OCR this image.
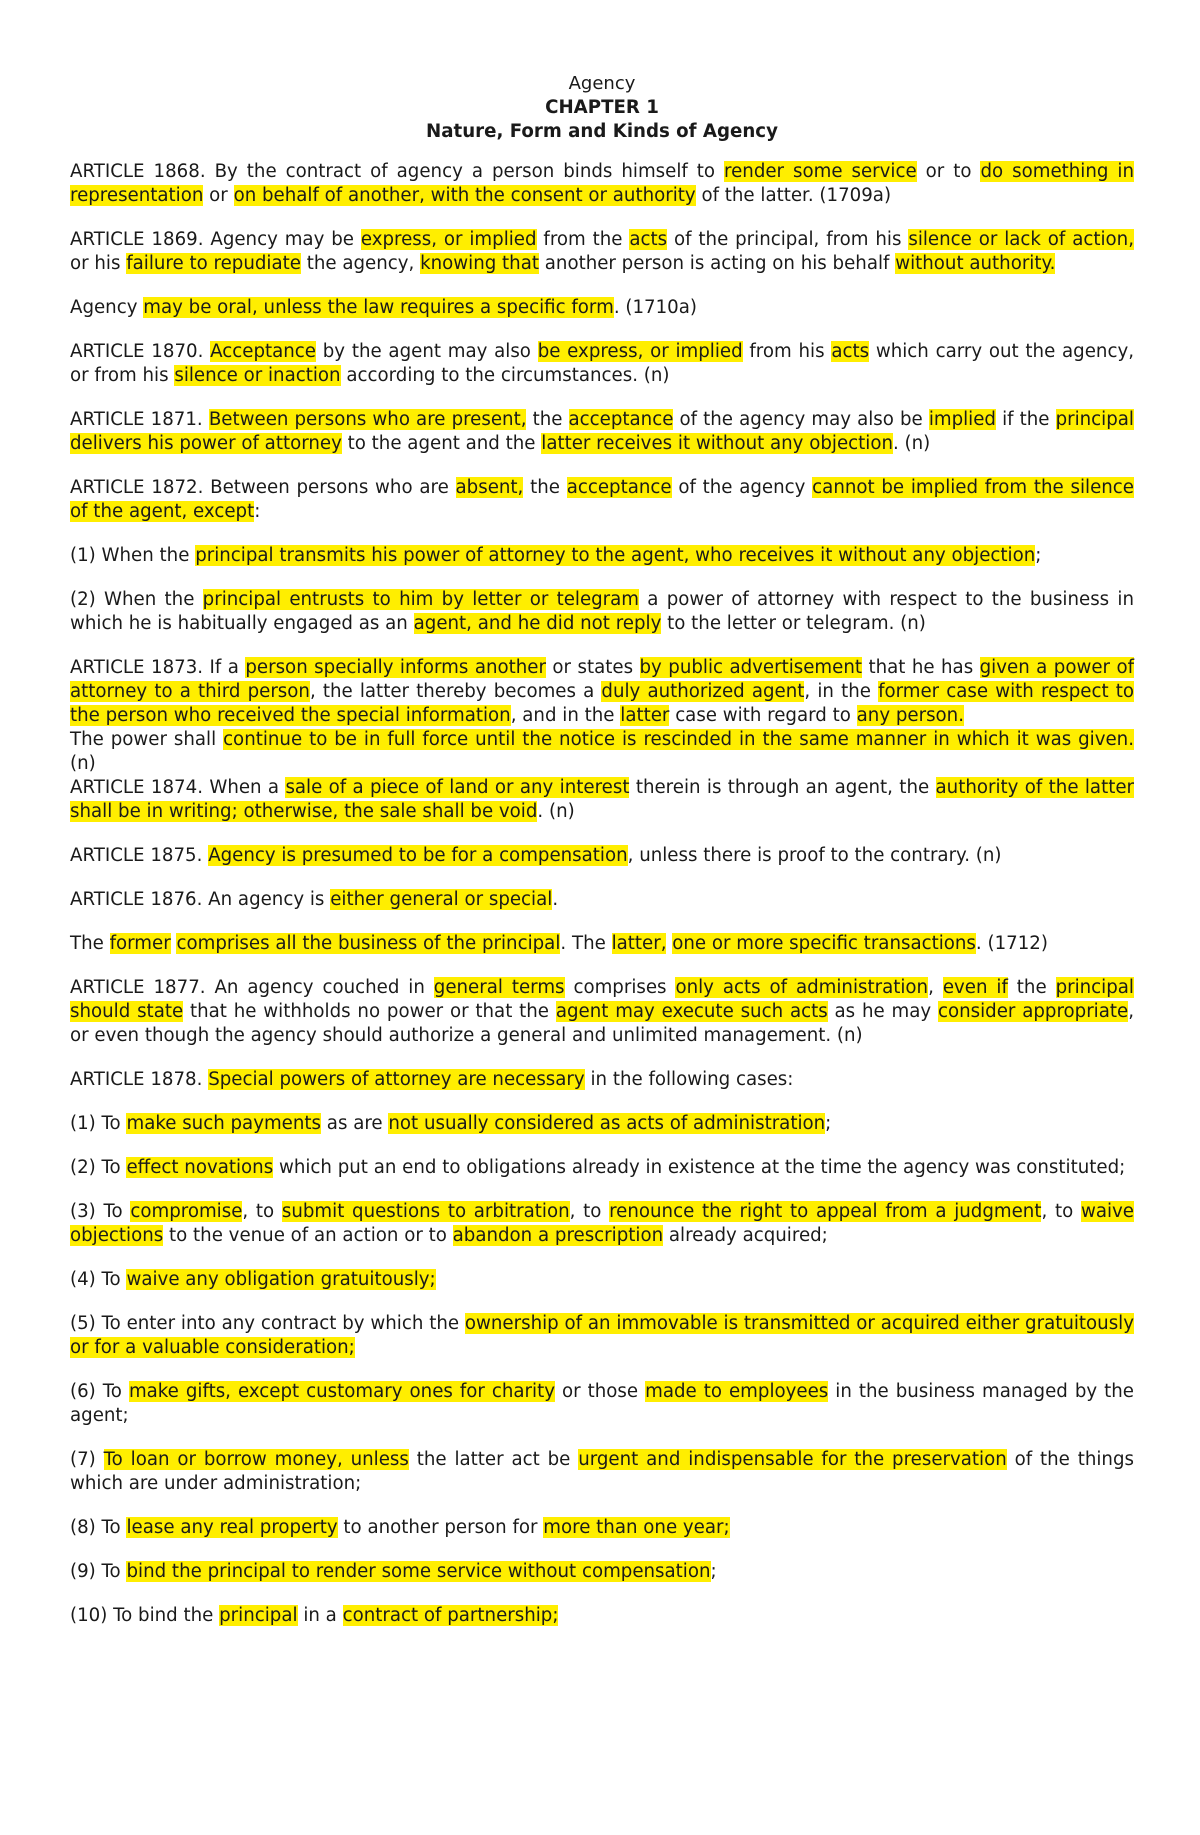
Agency
CHAPTER 1
Nature, Form and Kinds of Agency

ARTICLE 1868. By the contract of agency a person binds himself to render some service or to do something in representation or on behalf of another, with the consent or authority of the latter. (1709a)

ARTICLE 1869. Agency may be express, or implied from the acts of the principal, from his silence or lack of action, or his failure to repudiate the agency, knowing that another person is acting on his behalf without authority.

Agency may be oral, unless the law requires a specific form. (1710a)

ARTICLE 1870. Acceptance by the agent may also be express, or implied from his acts which carry out the agency, or from his silence or inaction according to the circumstances. (n)

ARTICLE 1871. Between persons who are present, the acceptance of the agency may also be implied if the principal delivers his power of attorney to the agent and the latter receives it without any objection. (n)

ARTICLE 1872. Between persons who are absent, the acceptance of the agency cannot be implied from the silence of the agent, except:

(1) When the principal transmits his power of attorney to the agent, who receives it without any objection;

(2) When the principal entrusts to him by letter or telegram a power of attorney with respect to the business in which he is habitually engaged as an agent, and he did not reply to the letter or telegram. (n)

ARTICLE 1873. If a person specially informs another or states by public advertisement that he has given a power of attorney to a third person, the latter thereby becomes a duly authorized agent, in the former case with respect to the person who received the special information, and in the latter case with regard to any person.

The power shall continue to be in full force until the notice is rescinded in the same manner in which it was given. (n)

ARTICLE 1874. When a sale of a piece of land or any interest therein is through an agent, the authority of the latter shall be in writing; otherwise, the sale shall be void. (n)

ARTICLE 1875. Agency is presumed to be for a compensation, unless there is proof to the contrary. (n)

ARTICLE 1876. An agency is either general or special.

The former comprises all the business of the principal. The latter, one or more specific transactions. (1712)

ARTICLE 1877. An agency couched in general terms comprises only acts of administration, even if the principal should state that he withholds no power or that the agent may execute such acts as he may consider appropriate, or even though the agency should authorize a general and unlimited management. (n)

ARTICLE 1878. Special powers of attorney are necessary in the following cases:

(1) To make such payments as are not usually considered as acts of administration;

(2) To effect novations which put an end to obligations already in existence at the time the agency was constituted;

(3) To compromise, to submit questions to arbitration, to renounce the right to appeal from a judgment, to waive objections to the venue of an action or to abandon a prescription already acquired;

(4) To waive any obligation gratuitously;

(5) To enter into any contract by which the ownership of an immovable is transmitted or acquired either gratuitously or for a valuable consideration;

(6) To make gifts, except customary ones for charity or those made to employees in the business managed by the agent;

(7) To loan or borrow money, unless the latter act be urgent and indispensable for the preservation of the things which are under administration;

(8) To lease any real property to another person for more than one year;

(9) To bind the principal to render some service without compensation;

(10) To bind the principal in a contract of partnership;
